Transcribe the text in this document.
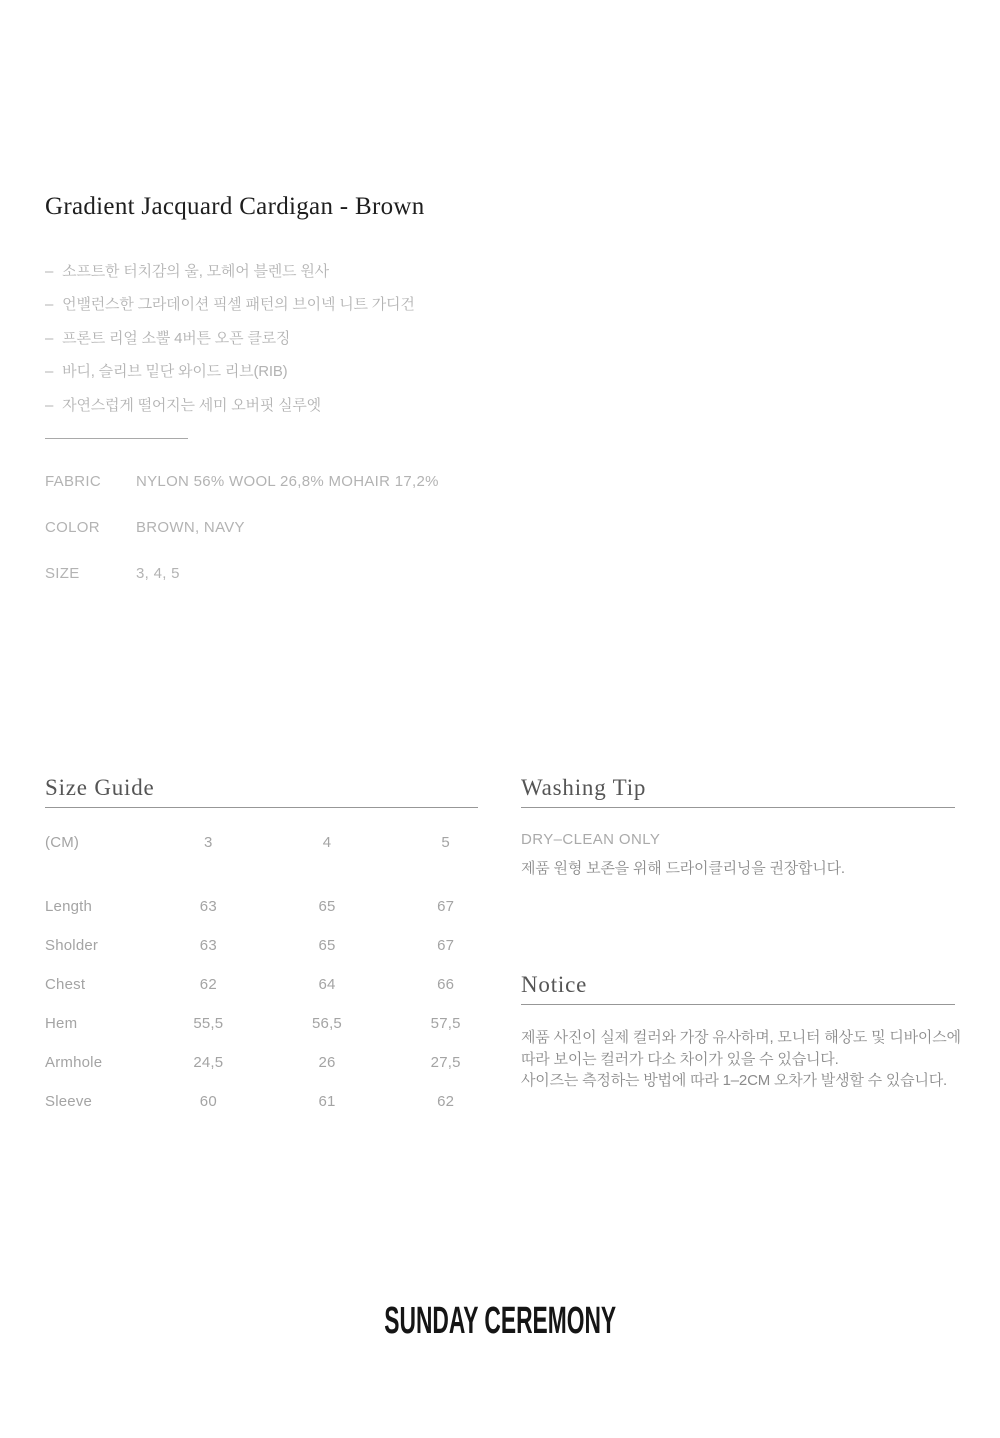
Gradient Jacquard Cardigan - Brown
– 소프트한 터치감의 울, 모헤어 블렌드 원사
– 언밸런스한 그라데이션 픽셀 패턴의 브이넥 니트 가디건
– 프론트 리얼 소뿔 4버튼 오픈 클로징
– 바디, 슬리브 밑단 와이드 리브(RIB)
– 자연스럽게 떨어지는 세미 오버핏 실루엣
FABRIC	NYLON 56% WOOL 26,8% MOHAIR 17,2%
COLOR	BROWN, NAVY
SIZE	3, 4, 5
Size Guide
(CM)	3	4	5
Length	63	65	67
Sholder	63	65	67
Chest	62	64	66
Hem	55,5	56,5	57,5
Armhole	24,5	26	27,5
Sleeve	60	61	62
Washing Tip
DRY–CLEAN ONLY
제품 원형 보존을 위해 드라이클리닝을 권장합니다.
Notice
제품 사진이 실제 컬러와 가장 유사하며, 모니터 해상도 및 디바이스에
따라 보이는 컬러가 다소 차이가 있을 수 있습니다.
사이즈는 측정하는 방법에 따라 1–2CM 오차가 발생할 수 있습니다.
SUNDAY CEREMONY
